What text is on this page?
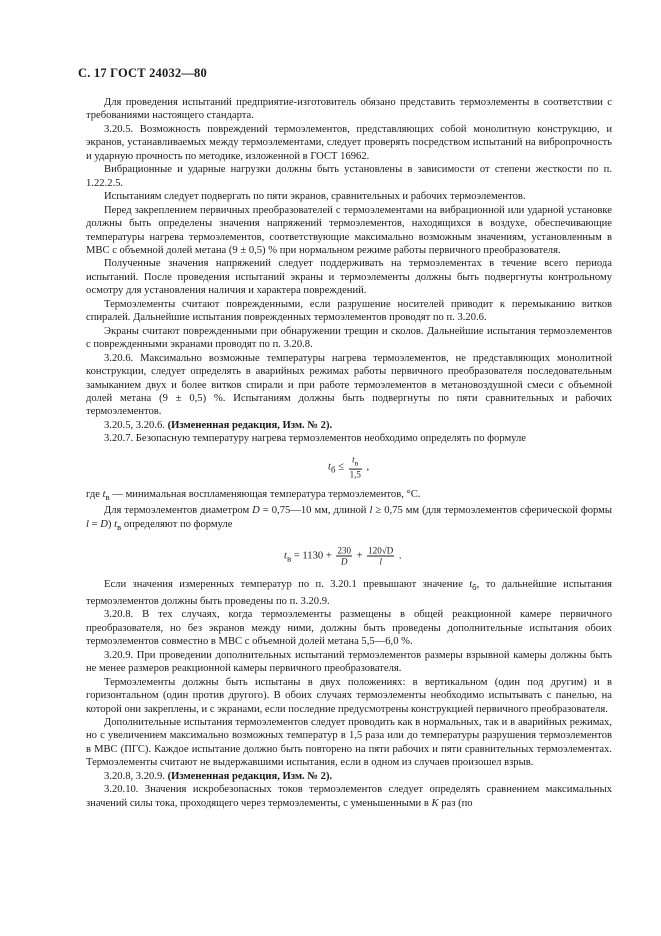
С. 17 ГОСТ 24032—80

Для проведения испытаний предприятие-изготовитель обязано представить термоэлементы в соответствии с требованиями настоящего стандарта.

3.20.5. Возможность повреждений термоэлементов, представляющих собой монолитную конструкцию, и экранов, устанавливаемых между термоэлементами, следует проверять посредством испытаний на вибропрочность и ударную прочность по методике, изложенной в ГОСТ 16962.

Вибрационные и ударные нагрузки должны быть установлены в зависимости от степени жесткости по п. 1.22.2.5.

Испытаниям следует подвергать по пяти экранов, сравнительных и рабочих термоэлементов.

Перед закреплением первичных преобразователей с термоэлементами на вибрационной или ударной установке должны быть определены значения напряжений термоэлементов, находящихся в воздухе, обеспечивающие температуры нагрева термоэлементов, соответствующие максимально возможным значениям, установленным в МВС с объемной долей метана (9 ± 0,5) % при нормальном режиме работы первичного преобразователя.

Полученные значения напряжений следует поддерживать на термоэлементах в течение всего периода испытаний. После проведения испытаний экраны и термоэлементы должны быть подвергнуты контрольному осмотру для установления наличия и характера повреждений.

Термоэлементы считают поврежденными, если разрушение носителей приводит к перемыканию витков спиралей. Дальнейшие испытания поврежденных термоэлементов проводят по п. 3.20.6.

Экраны считают поврежденными при обнаружении трещин и сколов. Дальнейшие испытания термоэлементов с поврежденными экранами проводят по п. 3.20.8.

3.20.6. Максимально возможные температуры нагрева термоэлементов, не представляющих монолитной конструкции, следует определять в аварийных режимах работы первичного преобразователя последовательным замыканием двух и более витков спирали и при работе термоэлементов в метановоздушной смеси с объемной долей метана (9 ± 0,5) %. Испытаниям должны быть подвергнуты по пяти сравнительных и рабочих термоэлементов.

3.20.5, 3.20.6. (Измененная редакция, Изм. № 2).

3.20.7. Безопасную температуру нагрева термоэлементов необходимо определять по формуле

$t_б \le \frac{t_в}{1,5}$ ,

где $t_в$ — минимальная воспламеняющая температура термоэлементов, °С.

Для термоэлементов диаметром D = 0,75—10 мм, длиной l ≥ 0,75 мм (для термоэлементов сферической формы l = D) $t_в$ определяют по формуле

$t_в = 1130 + \frac{230}{D} + \frac{120√D}{l}$ .

Если значения измеренных температур по п. 3.20.1 превышают значение $t_б$, то дальнейшие испытания термоэлементов должны быть проведены по п. 3.20.9.

3.20.8. В тех случаях, когда термоэлементы размещены в общей реакционной камере первичного преобразователя, но без экранов между ними, должны быть проведены дополнительные испытания обоих термоэлементов совместно в МВС с объемной долей метана 5,5—6,0 %.

3.20.9. При проведении дополнительных испытаний термоэлементов размеры взрывной камеры должны быть не менее размеров реакционной камеры первичного преобразователя.

Термоэлементы должны быть испытаны в двух положениях: в вертикальном (один под другим) и в горизонтальном (один против другого). В обоих случаях термоэлементы необходимо испытывать с панелью, на которой они закреплены, и с экранами, если последние предусмотрены конструкцией первичного преобразователя.

Дополнительные испытания термоэлементов следует проводить как в нормальных, так и в аварийных режимах, но с увеличением максимально возможных температур в 1,5 раза или до температуры разрушения термоэлементов в МВС (ПГС). Каждое испытание должно быть повторено на пяти рабочих и пяти сравнительных термоэлементах. Термоэлементы считают не выдержавшими испытания, если в одном из случаев произошел взрыв.

3.20.8, 3.20.9. (Измененная редакция, Изм. № 2).

3.20.10. Значения искробезопасных токов термоэлементов следует определять сравнением максимальных значений силы тока, проходящего через термоэлементы, с уменьшенными в K раз (по
